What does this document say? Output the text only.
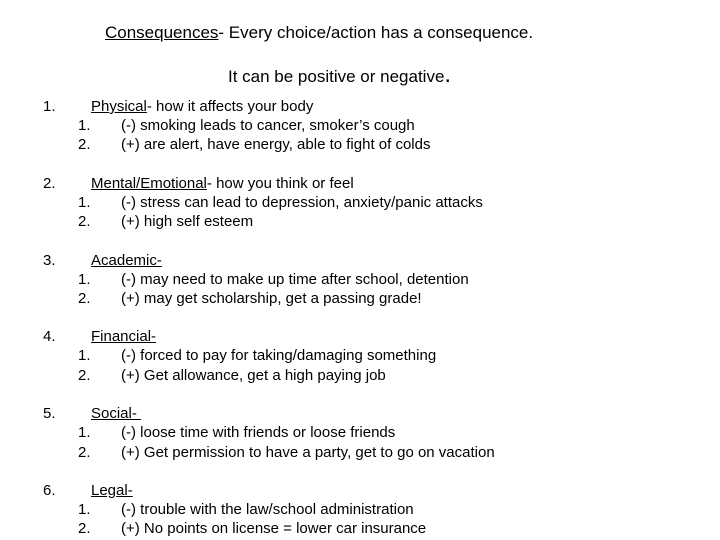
Consequences- Every choice/action has a consequence.
It can be positive or negative.
1. Physical- how it affects your body
1. (-) smoking leads to cancer, smoker’s cough
2. (+) are alert, have energy, able to fight of colds
2. Mental/Emotional- how you think or feel
1. (-) stress can lead to depression, anxiety/panic attacks
2. (+) high self esteem
3. Academic-
1. (-) may need to make up time after school, detention
2. (+) may get scholarship, get a passing grade!
4. Financial-
1. (-) forced to pay for taking/damaging something
2. (+) Get allowance, get a high paying job
5. Social-
1. (-) loose time with friends or loose friends
2. (+) Get permission to have a party, get to go on vacation
6. Legal-
1. (-) trouble with the law/school administration
2. (+) No points on license = lower car insurance
